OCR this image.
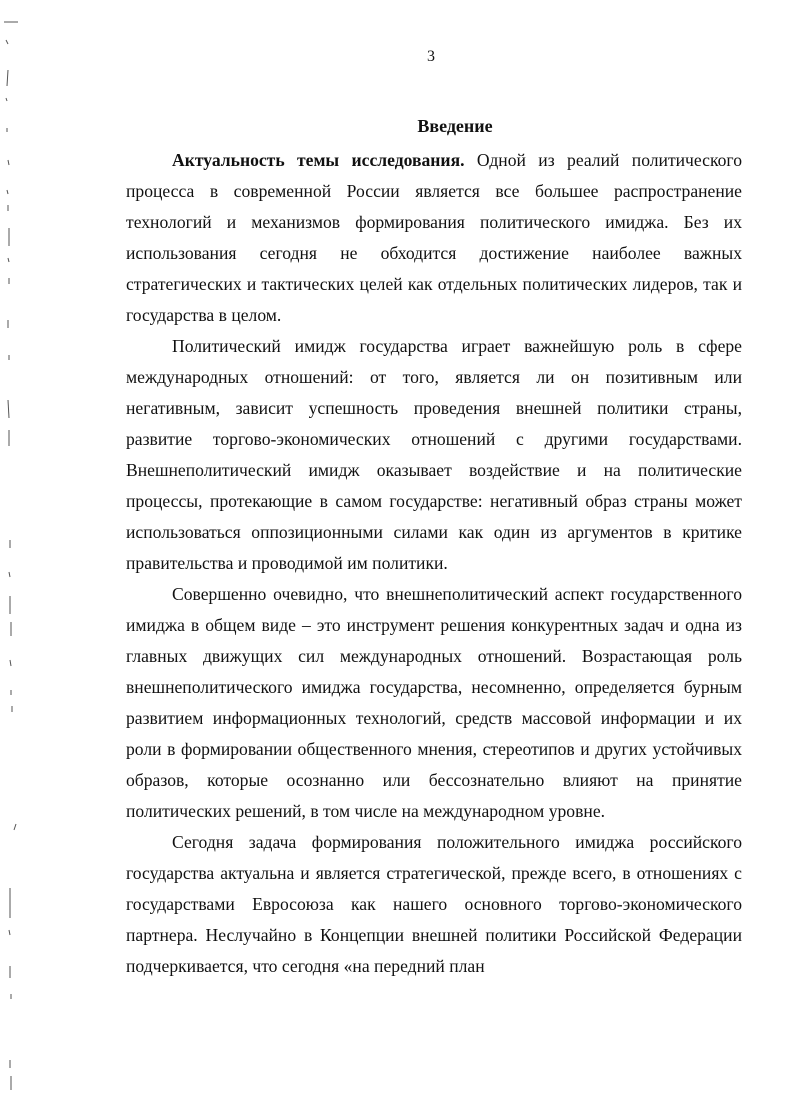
3
Введение

Актуальность темы исследования. Одной из реалий политического процесса в современной России является все большее распространение технологий и механизмов формирования политического имиджа. Без их использования сегодня не обходится достижение наиболее важных стратегических и тактических целей как отдельных политических лидеров, так и государства в целом.

Политический имидж государства играет важнейшую роль в сфере международных отношений: от того, является ли он позитивным или негативным, зависит успешность проведения внешней политики страны, развитие торгово-экономических отношений с другими государствами. Внешнеполитический имидж оказывает воздействие и на политические процессы, протекающие в самом государстве: негативный образ страны может использоваться оппозиционными силами как один из аргументов в критике правительства и проводимой им политики.

Совершенно очевидно, что внешнеполитический аспект государственного имиджа в общем виде – это инструмент решения конкурентных задач и одна из главных движущих сил международных отношений. Возрастающая роль внешнеполитического имиджа государства, несомненно, определяется бурным развитием информационных технологий, средств массовой информации и их роли в формировании общественного мнения, стереотипов и других устойчивых образов, которые осознанно или бессознательно влияют на принятие политических решений, в том числе на международном уровне.

Сегодня задача формирования положительного имиджа российского государства актуальна и является стратегической, прежде всего, в отношениях с государствами Евросоюза как нашего основного торгово-экономического партнера. Неслучайно в Концепции внешней политики Российской Федерации подчеркивается, что сегодня «на передний план
